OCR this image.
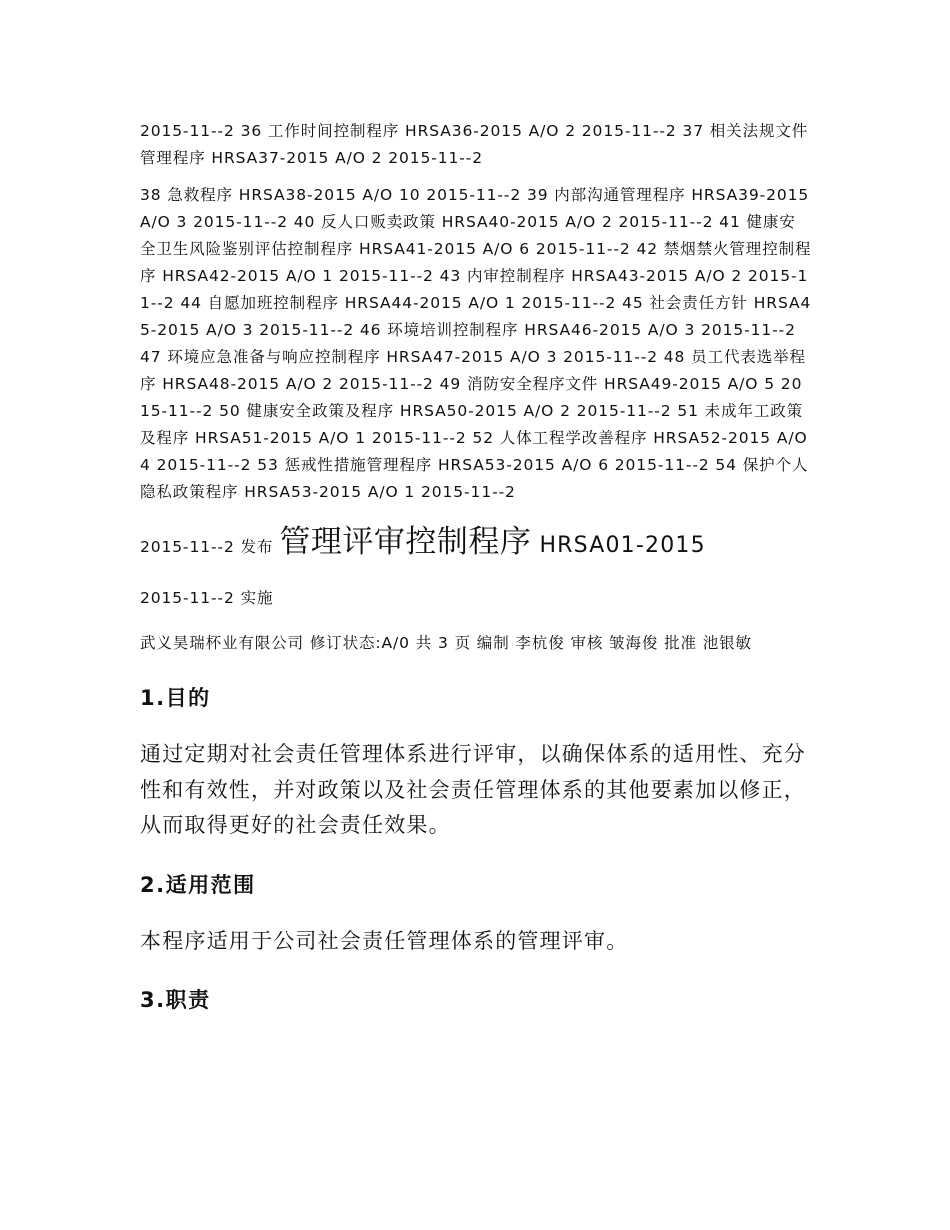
2015-11--2 36 工作时间控制程序 HRSA36-2015 A/O 2 2015-11--2 37 相关法规文件管理程序 HRSA37-2015 A/O 2 2015-11--2

38 急救程序 HRSA38-2015 A/O 10 2015-11--2 39 内部沟通管理程序 HRSA39-2015 A/O 3 2015-11--2 40 反人口贩卖政策 HRSA40-2015 A/O 2 2015-11--2 41 健康安全卫生风险鉴别评估控制程序 HRSA41-2015 A/O 6 2015-11--2 42 禁烟禁火管理控制程序 HRSA42-2015 A/O 1 2015-11--2 43 内审控制程序 HRSA43-2015 A/O 2 2015-11--2 44 自愿加班控制程序 HRSA44-2015 A/O 1 2015-11--2 45 社会责任方针 HRSA45-2015 A/O 3 2015-11--2 46 环境培训控制程序 HRSA46-2015 A/O 3 2015-11--2 47 环境应急准备与响应控制程序 HRSA47-2015 A/O 3 2015-11--2 48 员工代表选举程序 HRSA48-2015 A/O 2 2015-11--2 49 消防安全程序文件 HRSA49-2015 A/O 5 2015-11--2 50 健康安全政策及程序 HRSA50-2015 A/O 2 2015-11--2 51 未成年工政策及程序 HRSA51-2015 A/O 1 2015-11--2 52 人体工程学改善程序 HRSA52-2015 A/O 4 2015-11--2 53 惩戒性措施管理程序 HRSA53-2015 A/O 6 2015-11--2 54 保护个人隐私政策程序 HRSA53-2015 A/O 1 2015-11--2

2015-11--2 发布 管理评审控制程序 HRSA01-2015

2015-11--2 实施

武义昊瑞杯业有限公司 修订状态:A/0 共 3 页 编制 李杭俊 审核 皱海俊 批准 池银敏

1.目的

通过定期对社会责任管理体系进行评审，以确保体系的适用性、充分性和有效性，并对政策以及社会责任管理体系的其他要素加以修正，从而取得更好的社会责任效果。

2.适用范围

本程序适用于公司社会责任管理体系的管理评审。

3.职责
